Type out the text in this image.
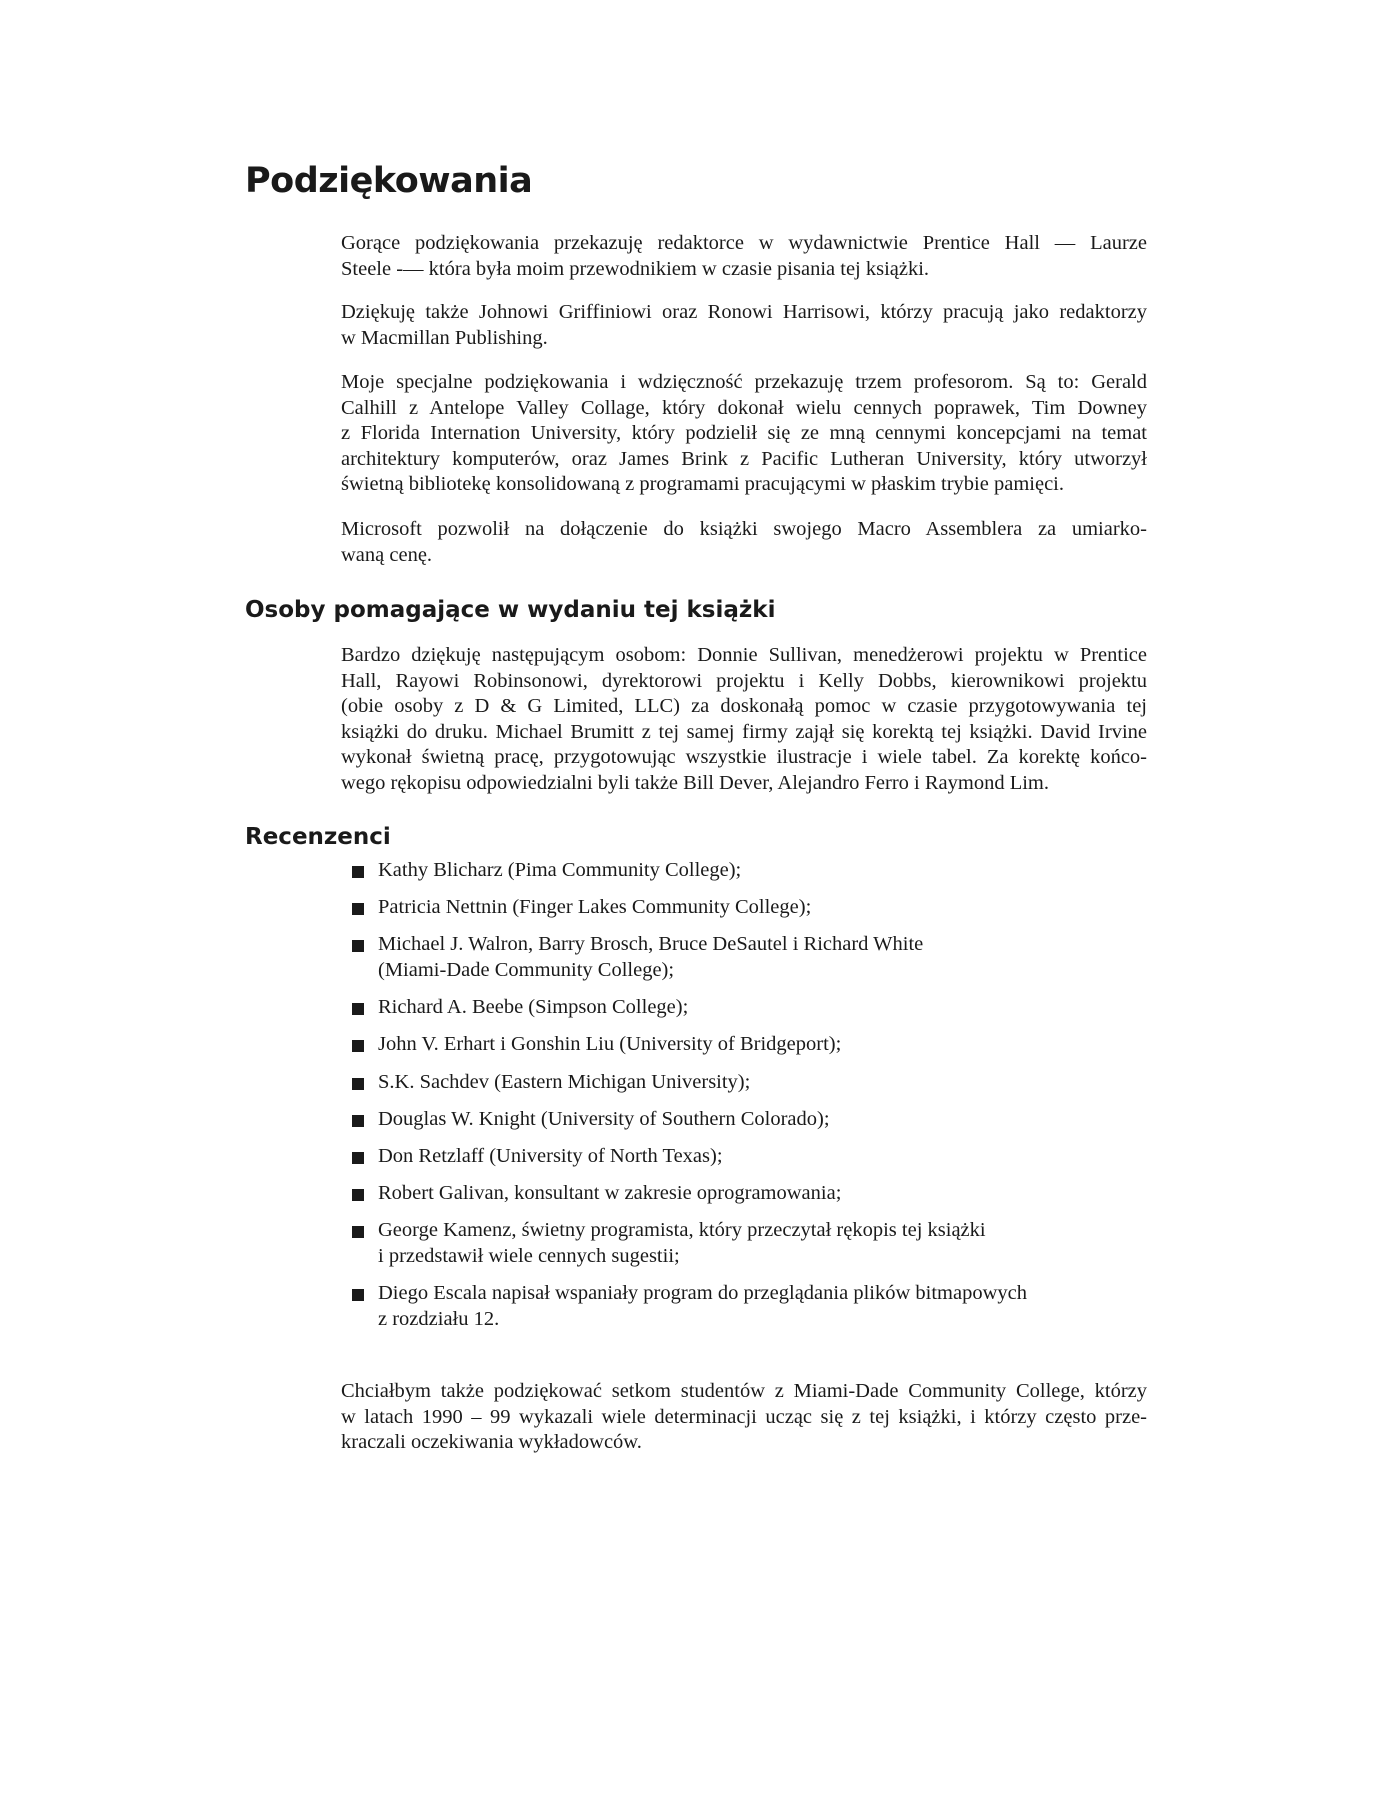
Podziękowania

Gorące podziękowania przekazuję redaktorce w wydawnictwie Prentice Hall — Laurze
Steele -— która była moim przewodnikiem w czasie pisania tej książki.

Dziękuję także Johnowi Griffiniowi oraz Ronowi Harrisowi, którzy pracują jako redaktorzy
w Macmillan Publishing.

Moje specjalne podziękowania i wdzięczność przekazuję trzem profesorom. Są to: Gerald
Calhill z Antelope Valley Collage, który dokonał wielu cennych poprawek, Tim Downey
z Florida Internation University, który podzielił się ze mną cennymi koncepcjami na temat
architektury komputerów, oraz James Brink z Pacific Lutheran University, który utworzył
świetną bibliotekę konsolidowaną z programami pracującymi w płaskim trybie pamięci.

Microsoft pozwolił na dołączenie do książki swojego Macro Assemblera za umiarko-
waną cenę.

Osoby pomagające w wydaniu tej książki

Bardzo dziękuję następującym osobom: Donnie Sullivan, menedżerowi projektu w Prentice
Hall, Rayowi Robinsonowi, dyrektorowi projektu i Kelly Dobbs, kierownikowi projektu
(obie osoby z D & G Limited, LLC) za doskonałą pomoc w czasie przygotowywania tej
książki do druku. Michael Brumitt z tej samej firmy zajął się korektą tej książki. David Irvine
wykonał świetną pracę, przygotowując wszystkie ilustracje i wiele tabel. Za korektę końco-
wego rękopisu odpowiedzialni byli także Bill Dever, Alejandro Ferro i Raymond Lim.

Recenzenci
Kathy Blicharz (Pima Community College);
Patricia Nettnin (Finger Lakes Community College);
Michael J. Walron, Barry Brosch, Bruce DeSautel i Richard White
(Miami-Dade Community College);
Richard A. Beebe (Simpson College);
John V. Erhart i Gonshin Liu (University of Bridgeport);
S.K. Sachdev (Eastern Michigan University);
Douglas W. Knight (University of Southern Colorado);
Don Retzlaff (University of North Texas);
Robert Galivan, konsultant w zakresie oprogramowania;
George Kamenz, świetny programista, który przeczytał rękopis tej książki
i przedstawił wiele cennych sugestii;
Diego Escala napisał wspaniały program do przeglądania plików bitmapowych
z rozdziału 12.

Chciałbym także podziękować setkom studentów z Miami-Dade Community College, którzy
w latach 1990 – 99 wykazali wiele determinacji ucząc się z tej książki, i którzy często prze-
kraczali oczekiwania wykładowców.
